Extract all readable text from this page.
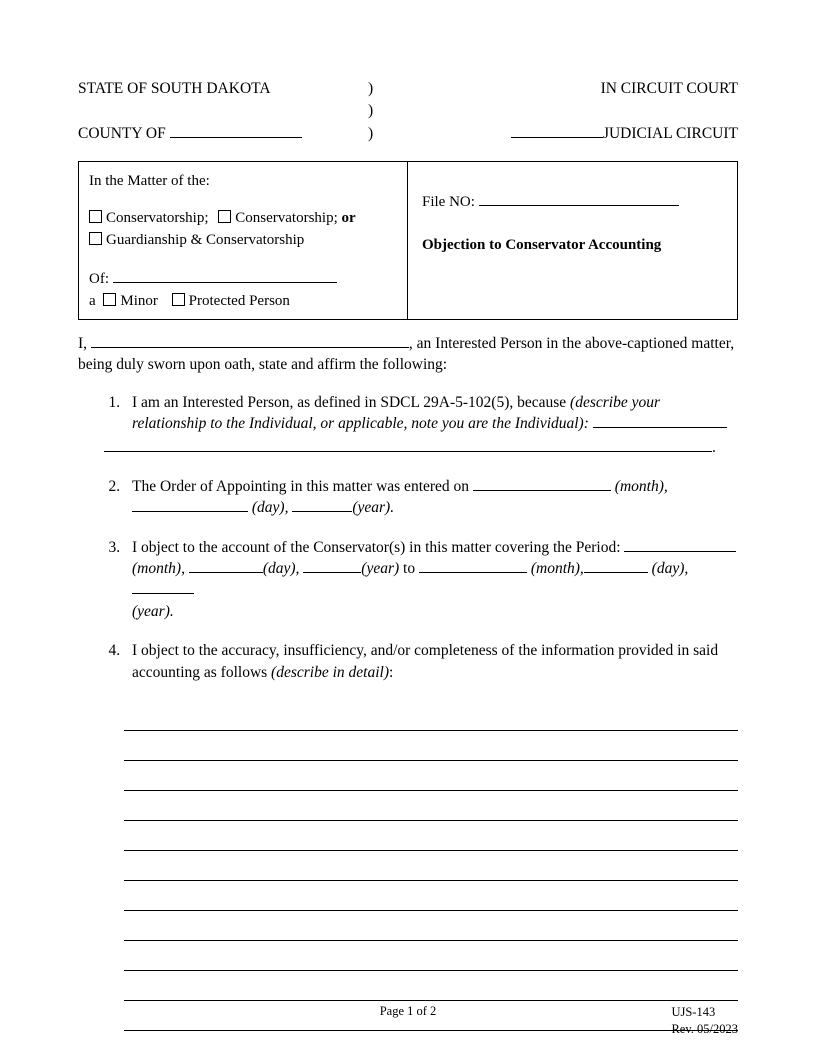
STATE OF SOUTH DAKOTA	)	IN CIRCUIT COURT
	)	
COUNTY OF	)	JUDICIAL CIRCUIT
In the Matter of the:
Conservatorship; Conservatorship; or
Guardianship & Conservatorship
Of:
a Minor Protected Person
File NO:
Objection to Conservator Accounting
I,	, an Interested Person in the above-captioned matter,
being duly sworn upon oath, state and affirm the following:
1. I am an Interested Person, as defined in SDCL 29A-5-102(5), because (describe your
relationship to the Individual, or applicable, note you are the Individual):
.
2. The Order of Appointing in this matter was entered on	(month),
(day),	(year).
3. I object to the account of the Conservator(s) in this matter covering the Period:
(month),	(day),	(year) to	(month),	(day),
(year).
4. I object to the accuracy, insufficiency, and/or completeness of the information provided in said accounting as follows (describe in detail):
Page 1 of 2	UJS-143
Rev. 05/2023
